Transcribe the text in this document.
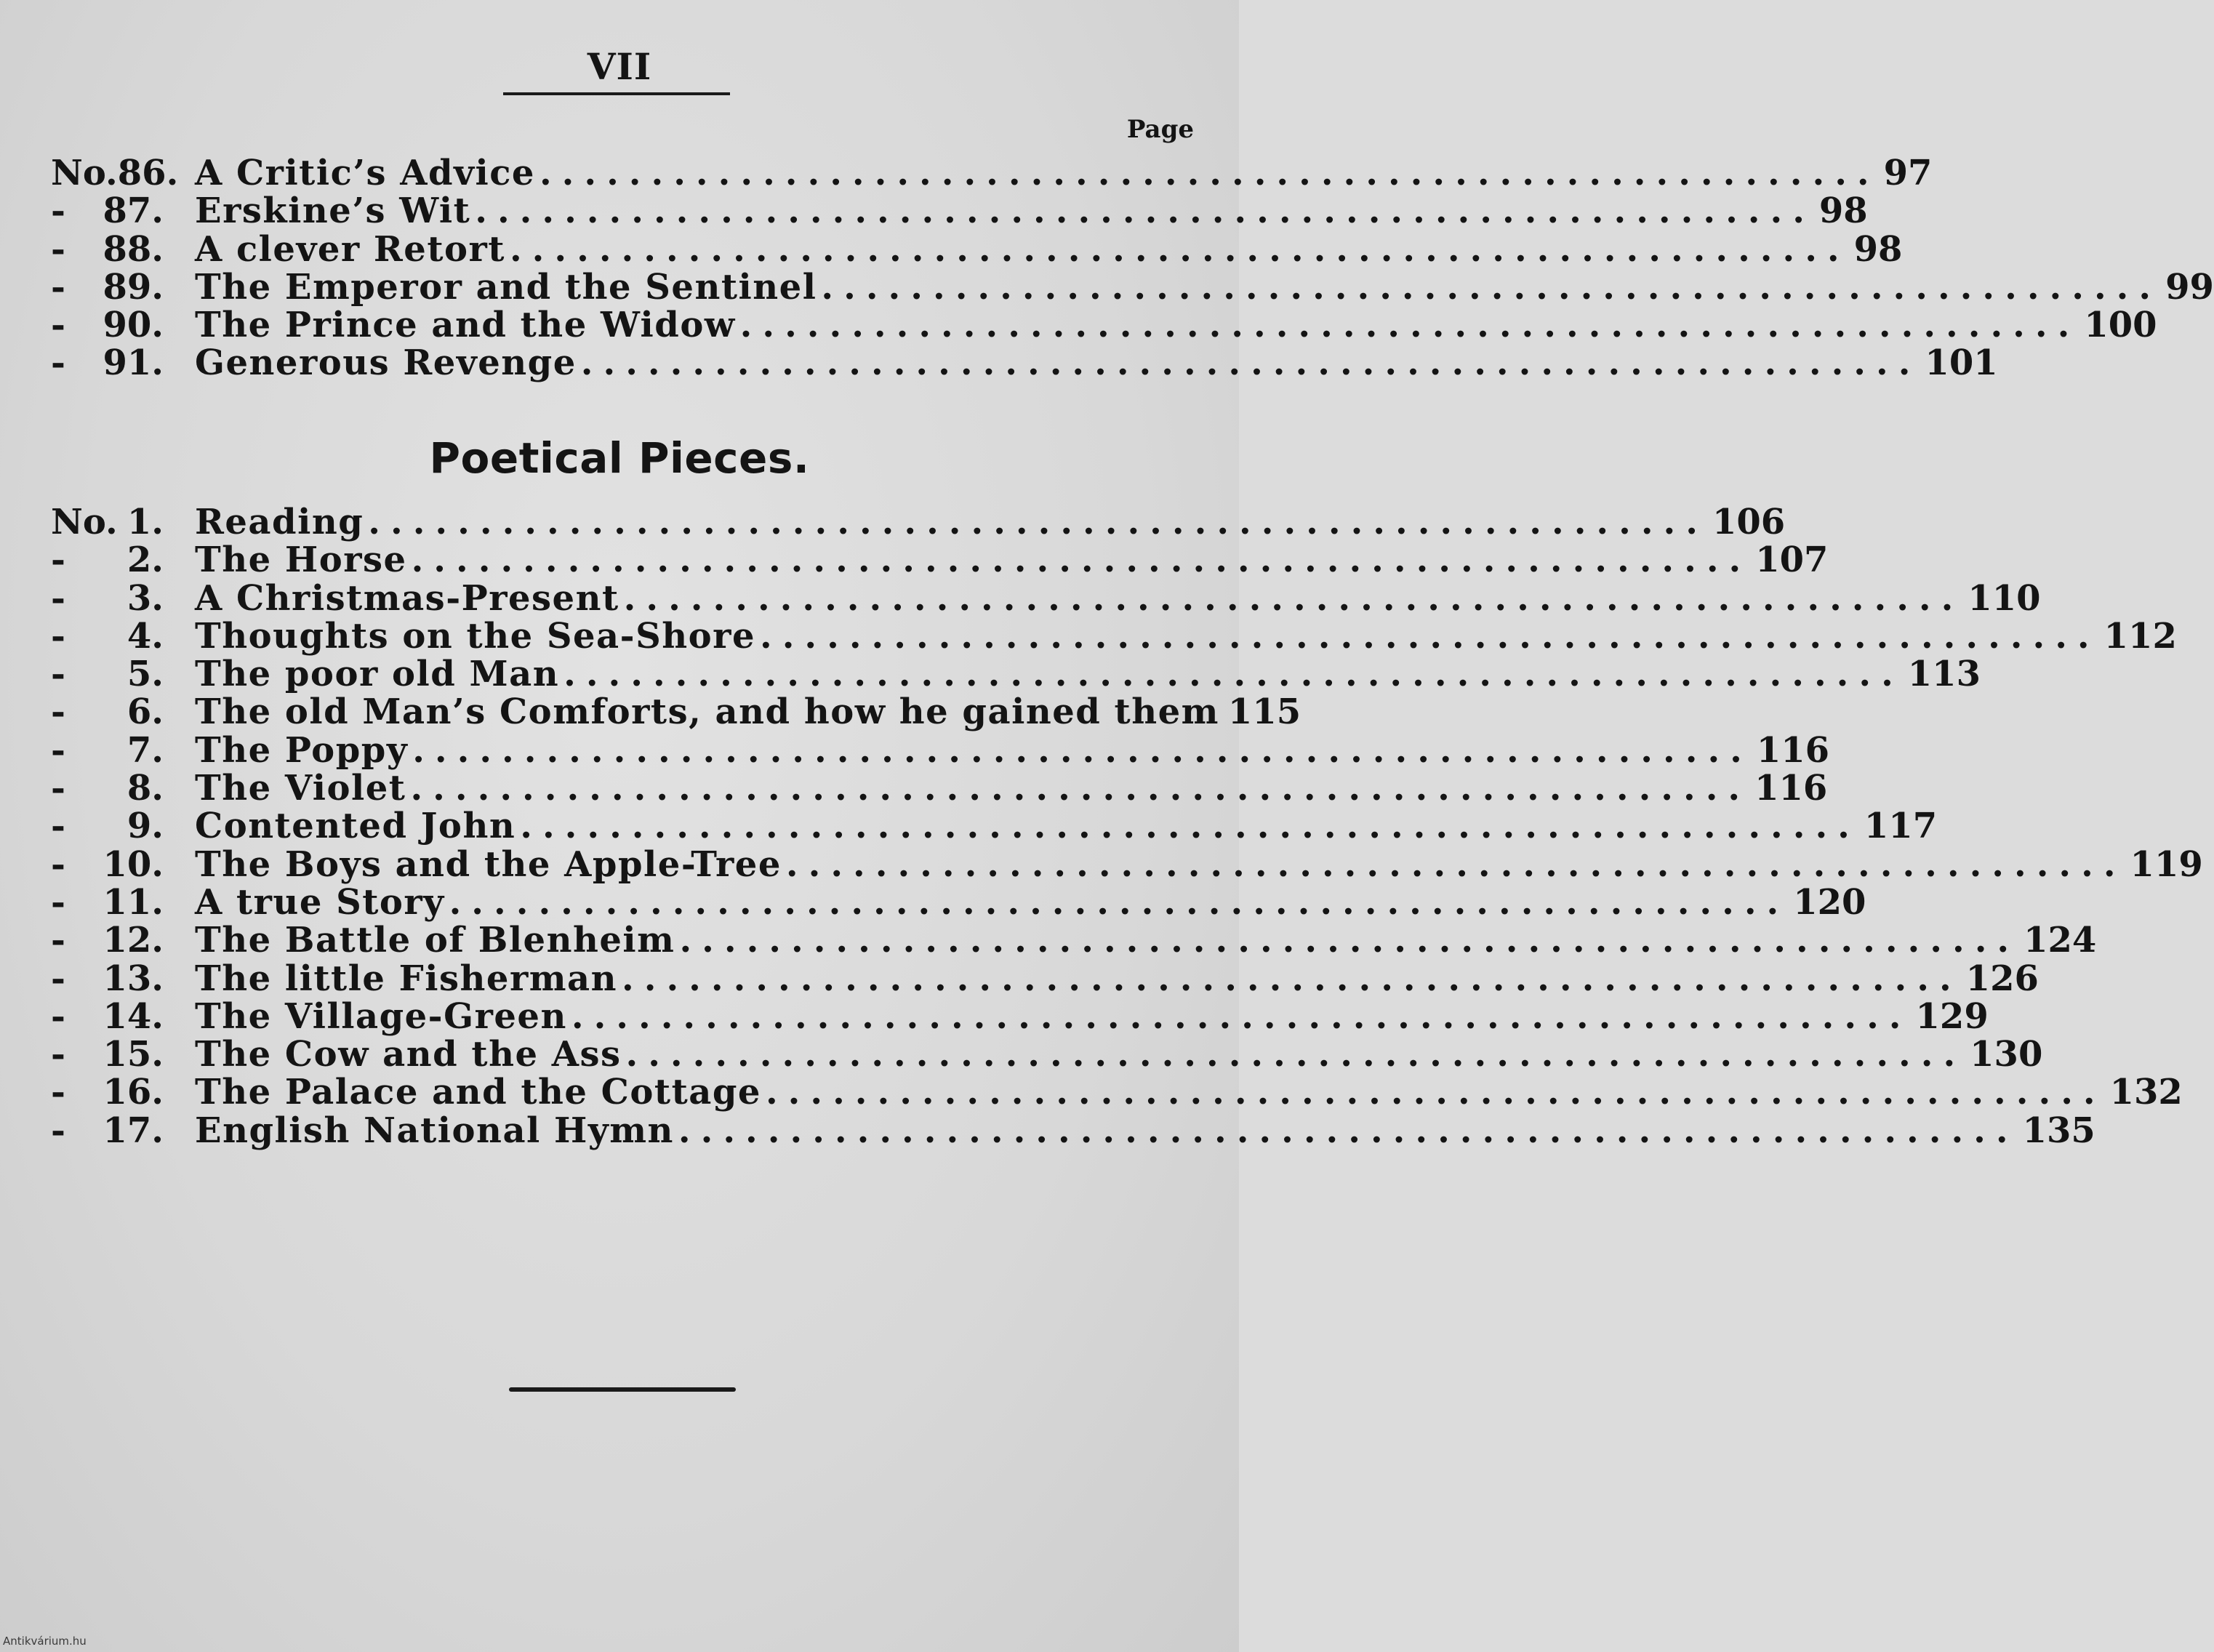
VII
Page
No. 86. A Critic’s Advice ............................................................ 97
- 87. Erskine’s Wit ............................................................ 98
- 88. A clever Retort ............................................................ 98
- 89. The Emperor and the Sentinel ............................................................ 99
- 90. The Prince and the Widow ............................................................ 100
- 91. Generous Revenge ............................................................ 101
Poetical Pieces.
No. 1. Reading ............................................................ 106
- 2. The Horse ............................................................ 107
- 3. A Christmas-Present ............................................................ 110
- 4. Thoughts on the Sea-Shore ............................................................ 112
- 5. The poor old Man ............................................................ 113
- 6. The old Man’s Comforts, and how he gained them 115
- 7. The Poppy ............................................................ 116
- 8. The Violet ............................................................ 116
- 9. Contented John ............................................................ 117
- 10. The Boys and the Apple-Tree ............................................................ 119
- 11. A true Story ............................................................ 120
- 12. The Battle of Blenheim ............................................................ 124
- 13. The little Fisherman ............................................................ 126
- 14. The Village-Green ............................................................ 129
- 15. The Cow and the Ass ............................................................ 130
- 16. The Palace and the Cottage ............................................................ 132
- 17. English National Hymn ............................................................ 135
Antikvárium.hu
